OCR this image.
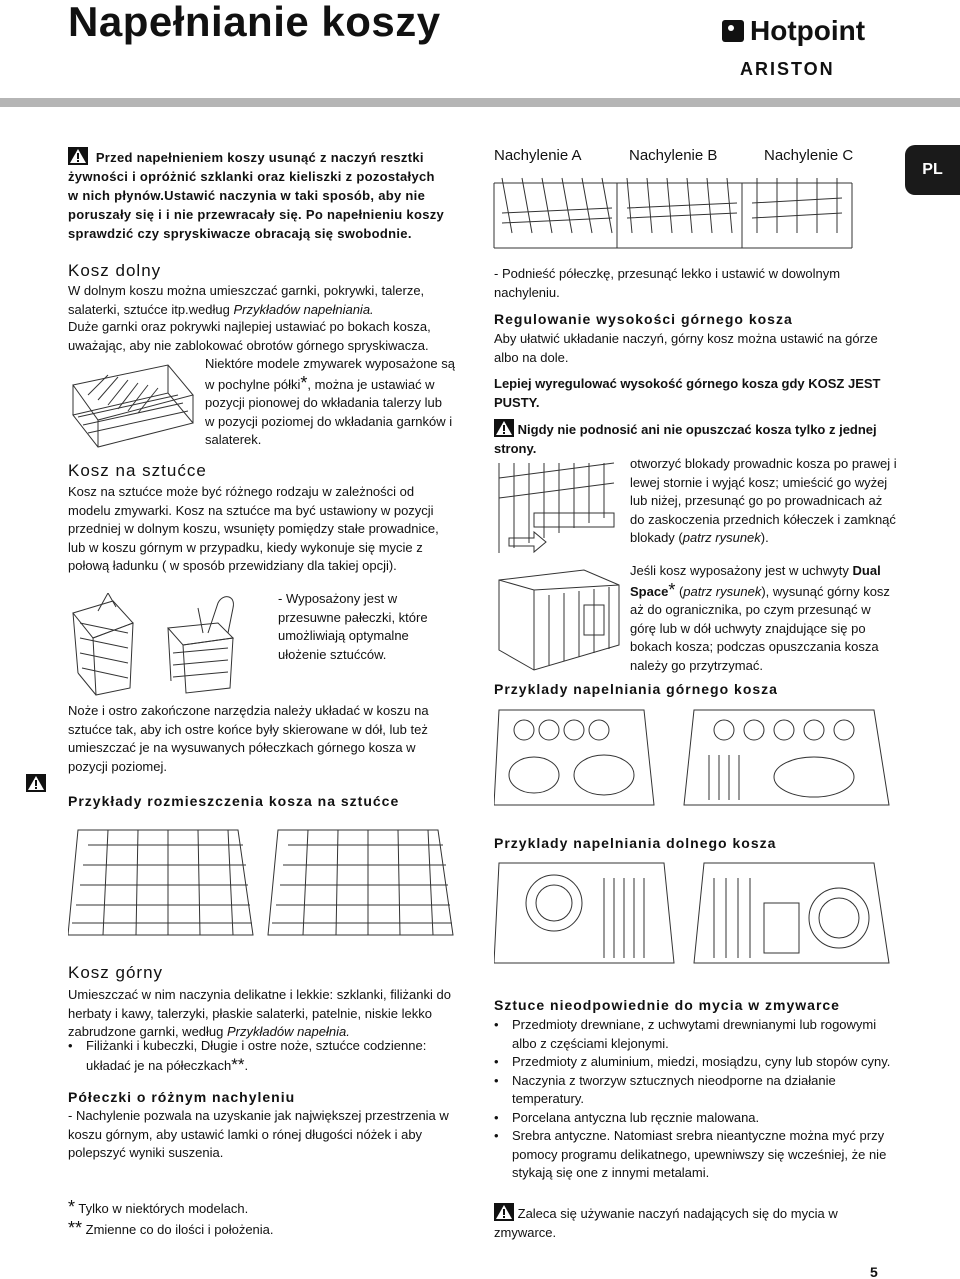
Napełnianie koszy	Hotpoint
ARISTON
PL
Przed napełnieniem koszy usunąć z naczyń resztki żywności i opróżnić szklanki oraz kieliszki z pozostałych w nich płynów.Ustawić naczynia w taki sposób, aby nie poruszały się i i nie przewracały się. Po napełnieniu koszy sprawdzić czy spryskiwacze obracają się swobodnie.
Kosz dolny
W dolnym koszu można umieszczać garnki, pokrywki, talerze, salaterki, sztućce itp.według Przykładów napełniania.
Duże garnki oraz pokrywki najlepiej ustawiać po bokach kosza, uważając, aby nie zablokować obrotów górnego spryskiwacza.
Niektóre modele zmywarek wyposażone są w pochylne półki*, można je ustawiać w pozycji pionowej do wkładania talerzy lub w pozycji poziomej do wkładania garnków i salaterek.
Kosz na sztućce
Kosz na sztućce może być różnego rodzaju w zależności od modelu zmywarki. Kosz na sztućce ma być ustawiony w pozycji przedniej w dolnym koszu, wsunięty pomiędzy stałe prowadnice, lub w koszu górnym w przypadku, kiedy wykonuje się mycie z połową ładunku ( w sposób przewidziany dla takiej opcji).
- Wyposażony jest w przesuwne pałeczki, które umożliwiają optymalne ułożenie sztućców.
Noże i ostro zakończone narzędzia należy układać w koszu na sztućce tak, aby ich ostre końce były skierowane w dół, lub też umieszczać je na wysuwanych półeczkach górnego kosza w pozycji poziomej.
Przykłady rozmieszczenia kosza na sztućce
Kosz górny
Umieszczać w nim naczynia delikatne i lekkie: szklanki, filiżanki do herbaty i kawy, talerzyki, płaskie salaterki, patelnie, niskie lekko zabrudzone garnki, według Przykładów napełnia.
• Filiżanki i kubeczki, Długie i ostre noże, sztućce codzienne: układać je na półeczkach**.
Półeczki o różnym nachyleniu
- Nachylenie pozwala na uzyskanie jak największej przestrzenia w koszu górnym, aby ustawić lamki o rónej długości nóżek i aby polepszyć wyniki suszenia.
* Tylko w niektórych modelach.
** Zmienne co do ilości i położenia.
Nachylenie A	Nachylenie B	Nachylenie C
- Podnieść półeczkę, przesunąć lekko i ustawić w dowolnym nachyleniu.
Regulowanie wysokości górnego kosza
Aby ułatwić układanie naczyń, górny kosz można ustawić na górze albo na dole.
Lepiej wyregulować wysokość górnego kosza gdy KOSZ JEST PUSTY.
Nigdy nie podnosić ani nie opuszczać kosza tylko z jednej strony.
otworzyć blokady prowadnic kosza po prawej i lewej stornie i wyjąć kosz; umieścić go wyżej lub niżej, przesunąć go po prowadnicach aż do zaskoczenia przednich kółeczek i zamknąć blokady (patrz rysunek).
Jeśli kosz wyposażony jest w uchwyty Dual Space* (patrz rysunek), wysunąć górny kosz aż do ogranicznika, po czym przesunąć w górę lub w dół uchwyty znajdujące się po bokach kosza; podczas opuszczania kosza należy go przytrzymać.
Przyklady napelniania górnego kosza
Przyklady napelniania dolnego kosza
Sztuce nieodpowiednie do mycia w zmywarce
• Przedmioty drewniane, z uchwytami drewnianymi lub rogowymi albo z częściami klejonymi.
• Przedmioty z aluminium, miedzi, mosiądzu, cyny lub stopów cyny.
• Naczynia z tworzyw sztucznych nieodporne na działanie temperatury.
• Porcelana antyczna lub ręcznie malowana.
• Srebra antyczne. Natomiast srebra nieantyczne można myć przy pomocy programu delikatnego, upewniwszy się wcześniej, że nie stykają się one z innymi metalami.
Zaleca się używanie naczyń nadających się do mycia w zmywarce.
5
